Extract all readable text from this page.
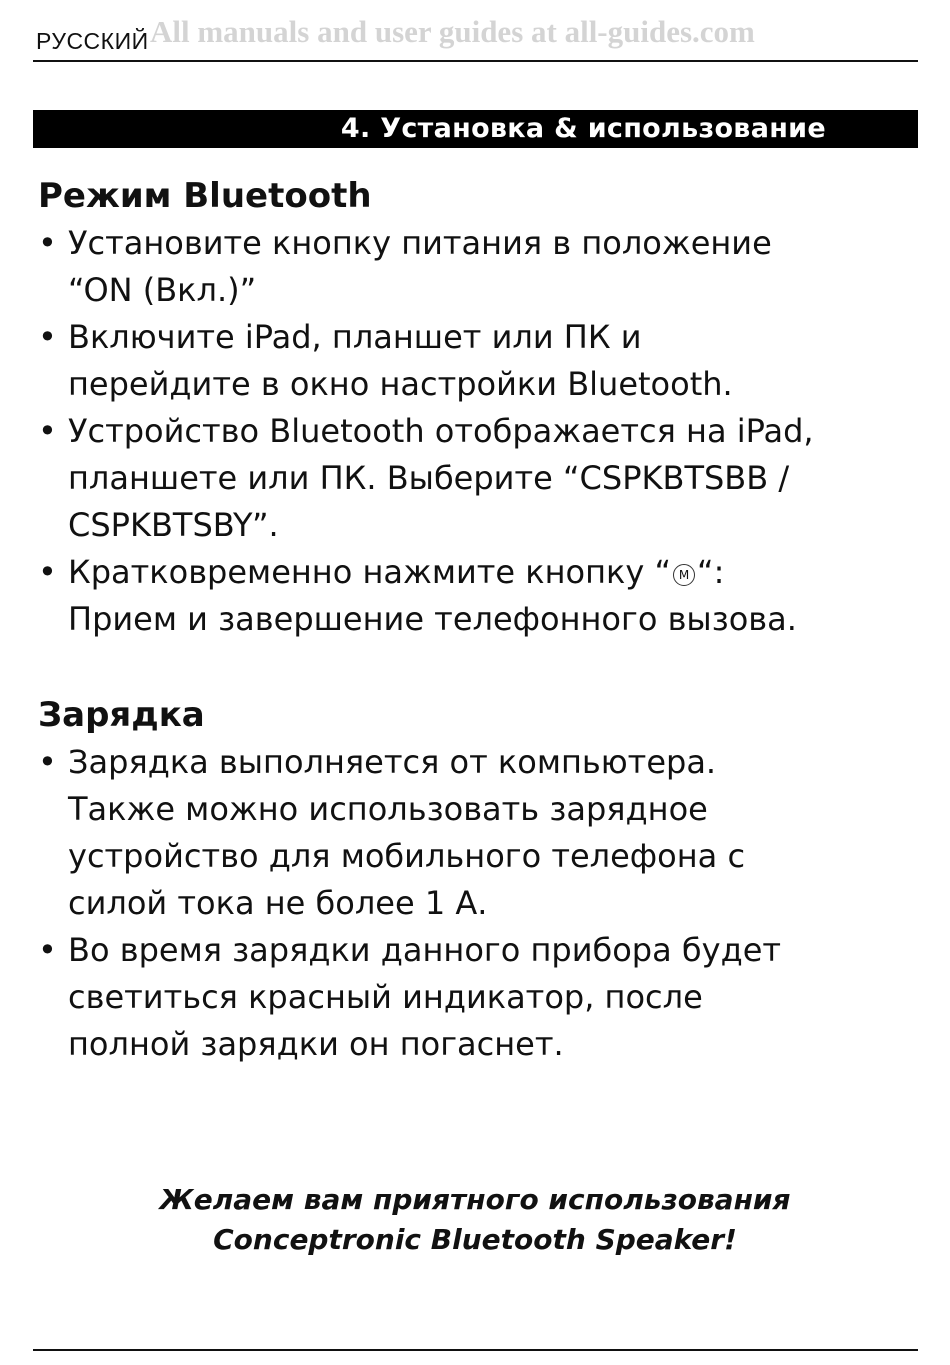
РУССКИЙ All manuals and user guides at all-guides.com
4. Установка & использование
Режим Bluetooth
• Установите кнопку питания в положение
“ON (Вкл.)”
• Включите iPad, планшет или ПК и
перейдите в окно настройки Bluetooth.
• Устройство Bluetooth отображается на iPad,
планшете или ПК. Выберите “CSPKBTSBB /
CSPKBTSBY”.
• Кратковременно нажмите кнопку “ M “:
Прием и завершение телефонного вызова.
Зарядка
• Зарядка выполняется от компьютера.
Также можно использовать зарядное
устройство для мобильного телефона с
силой тока не более 1 А.
• Во время зарядки данного прибора будет
светиться красный индикатор, после
полной зарядки он погаснет.
Желаем вам приятного использования
Conceptronic Bluetooth Speaker!
